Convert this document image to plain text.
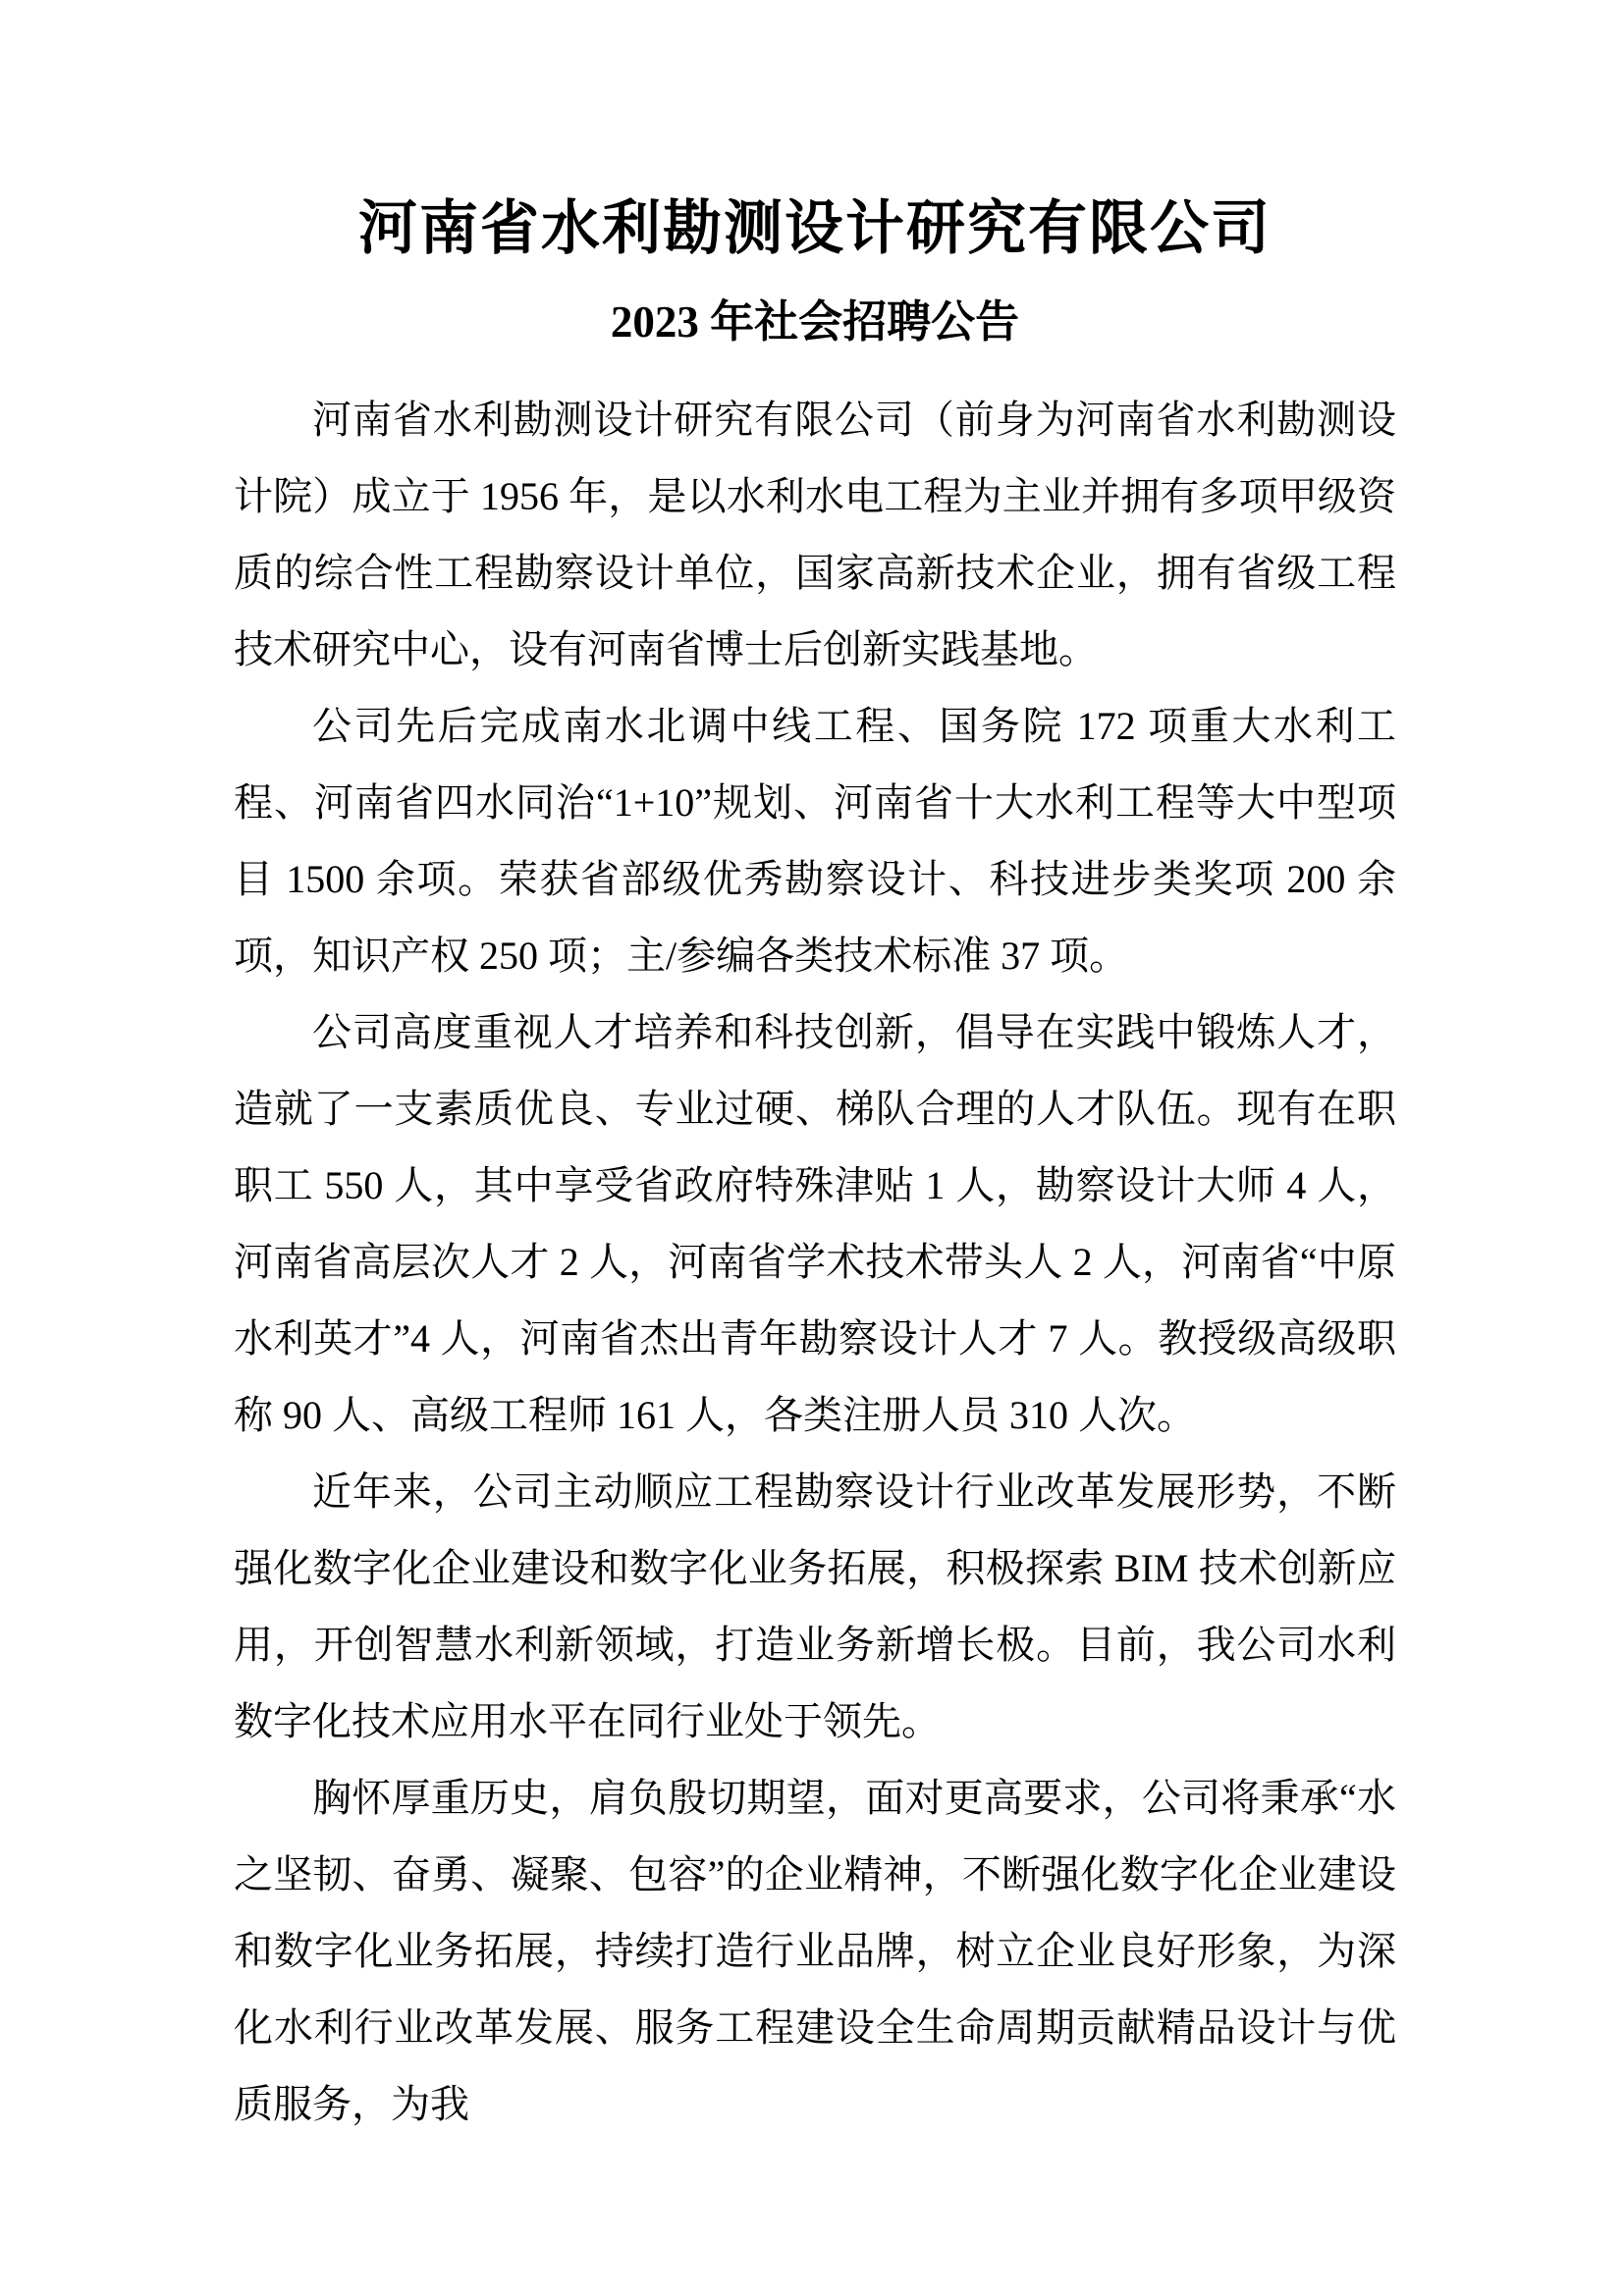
河南省水利勘测设计研究有限公司
2023 年社会招聘公告

河南省水利勘测设计研究有限公司（前身为河南省水利勘测设计院）成立于 1956 年，是以水利水电工程为主业并拥有多项甲级资质的综合性工程勘察设计单位，国家高新技术企业，拥有省级工程技术研究中心，设有河南省博士后创新实践基地。

公司先后完成南水北调中线工程、国务院 172 项重大水利工程、河南省四水同治“1+10”规划、河南省十大水利工程等大中型项目 1500 余项。荣获省部级优秀勘察设计、科技进步类奖项 200 余项，知识产权 250 项；主/参编各类技术标准 37 项。

公司高度重视人才培养和科技创新，倡导在实践中锻炼人才，造就了一支素质优良、专业过硬、梯队合理的人才队伍。现有在职职工 550 人，其中享受省政府特殊津贴 1 人，勘察设计大师 4 人，河南省高层次人才 2 人，河南省学术技术带头人 2 人，河南省“中原水利英才”4 人，河南省杰出青年勘察设计人才 7 人。教授级高级职称 90 人、高级工程师 161 人，各类注册人员 310 人次。

近年来，公司主动顺应工程勘察设计行业改革发展形势，不断强化数字化企业建设和数字化业务拓展，积极探索 BIM 技术创新应用，开创智慧水利新领域，打造业务新增长极。目前，我公司水利数字化技术应用水平在同行业处于领先。

胸怀厚重历史，肩负殷切期望，面对更高要求，公司将秉承“水之坚韧、奋勇、凝聚、包容”的企业精神，不断强化数字化企业建设和数字化业务拓展，持续打造行业品牌，树立企业良好形象，为深化水利行业改革发展、服务工程建设全生命周期贡献精品设计与优质服务，为我
